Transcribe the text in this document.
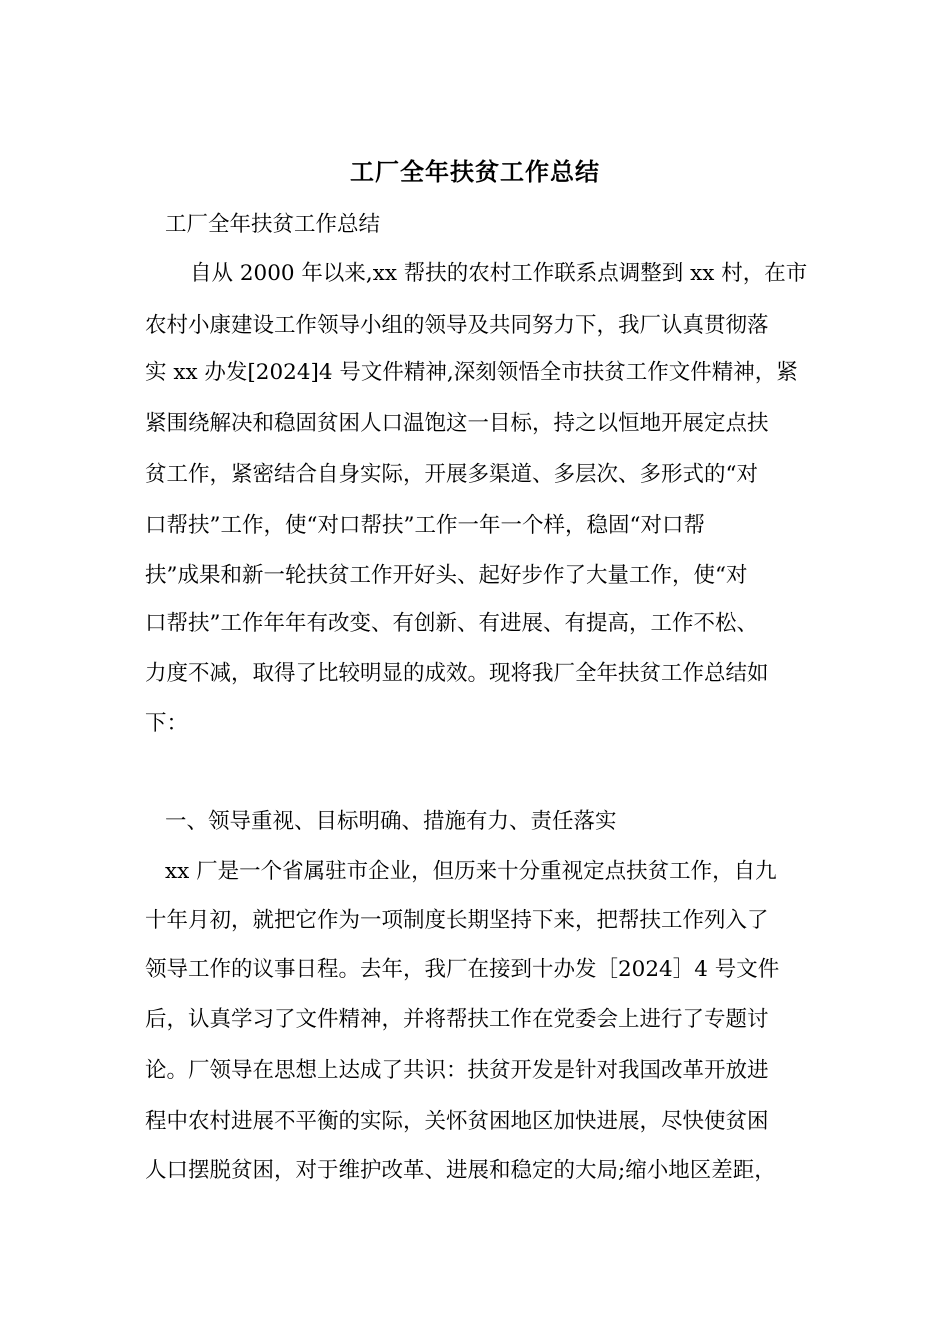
工厂全年扶贫工作总结
工厂全年扶贫工作总结
自从 2000 年以来,xx 帮扶的农村工作联系点调整到 xx 村，在市
农村小康建设工作领导小组的领导及共同努力下，我厂认真贯彻落
实 xx 办发[2024]4 号文件精神,深刻领悟全市扶贫工作文件精神，紧
紧围绕解决和稳固贫困人口温饱这一目标，持之以恒地开展定点扶
贫工作，紧密结合自身实际，开展多渠道、多层次、多形式的“对
口帮扶”工作，使“对口帮扶”工作一年一个样，稳固“对口帮
扶”成果和新一轮扶贫工作开好头、起好步作了大量工作，使“对
口帮扶”工作年年有改变、有创新、有进展、有提高，工作不松、
力度不减，取得了比较明显的成效。现将我厂全年扶贫工作总结如
下：
一、领导重视、目标明确、措施有力、责任落实
xx 厂是一个省属驻市企业，但历来十分重视定点扶贫工作，自九
十年月初，就把它作为一项制度长期坚持下来，把帮扶工作列入了
领导工作的议事日程。去年，我厂在接到十办发［2024］4 号文件
后，认真学习了文件精神，并将帮扶工作在党委会上进行了专题讨
论。厂领导在思想上达成了共识：扶贫开发是针对我国改革开放进
程中农村进展不平衡的实际，关怀贫困地区加快进展，尽快使贫困
人口摆脱贫困，对于维护改革、进展和稳定的大局;缩小地区差距，
